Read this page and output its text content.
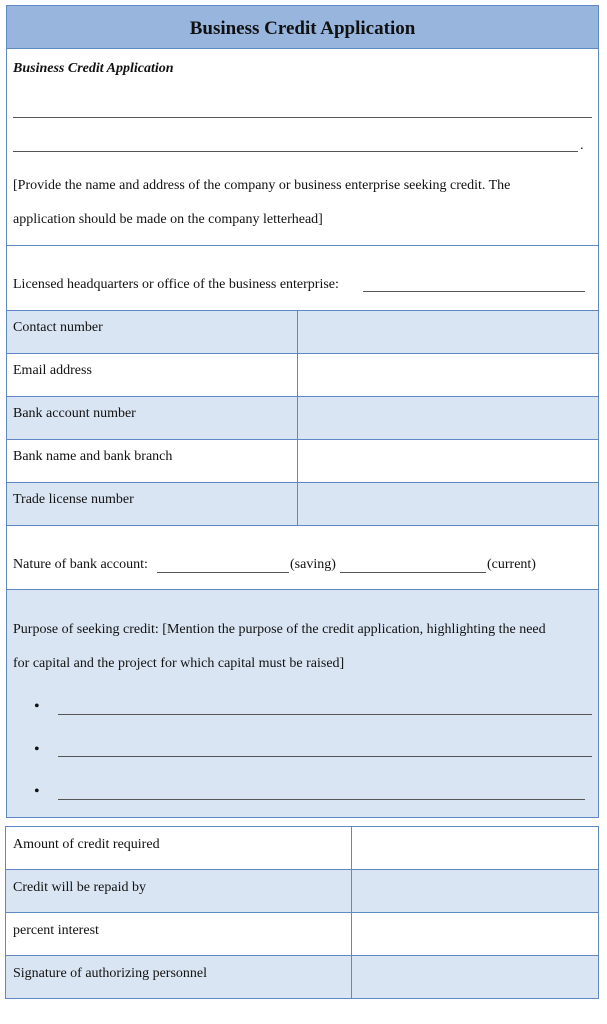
Business Credit Application
Business Credit Application
.
[Provide the name and address of the company or business enterprise seeking credit. The
application should be made on the company letterhead]
Licensed headquarters or office of the business enterprise:
Contact number
Email address
Bank account number
Bank name and bank branch
Trade license number
Nature of bank account:	(saving)	(current)
Purpose of seeking credit: [Mention the purpose of the credit application, highlighting the need
for capital and the project for which capital must be raised]
•
•
•
Amount of credit required
Credit will be repaid by
percent interest
Signature of authorizing personnel
